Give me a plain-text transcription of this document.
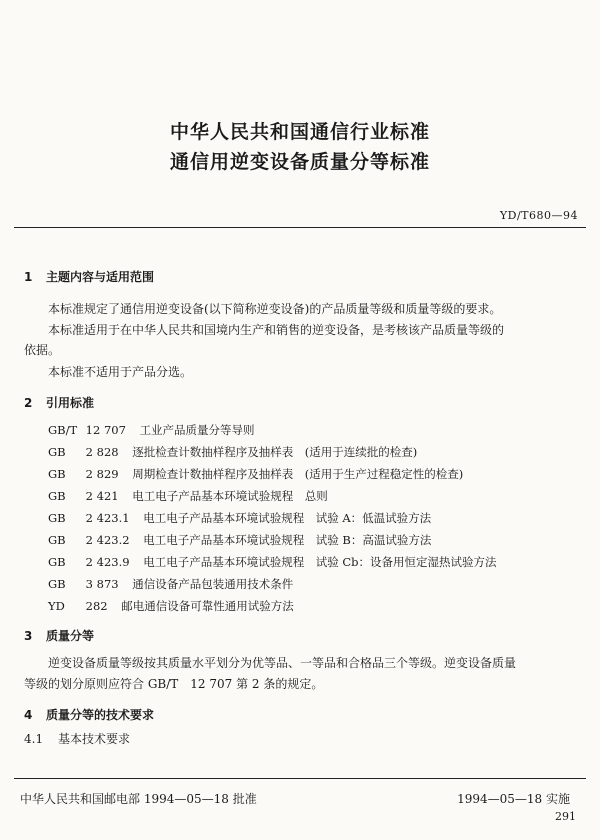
中华人民共和国通信行业标准
通信用逆变设备质量分等标准
YD/T680—94
1 主题内容与适用范围
本标准规定了通信用逆变设备(以下简称逆变设备)的产品质量等级和质量等级的要求。
本标准适用于在中华人民共和国境内生产和销售的逆变设备，是考核该产品质量等级的
依据。
本标准不适用于产品分选。
2 引用标准
GB/T 12 707 工业产品质量分等导则
GB 2 828 逐批检查计数抽样程序及抽样表　(适用于连续批的检查)
GB 2 829 周期检查计数抽样程序及抽样表　(适用于生产过程稳定性的检查)
GB 2 421 电工电子产品基本环境试验规程　总则
GB 2 423.1 电工电子产品基本环境试验规程　试验 A：低温试验方法
GB 2 423.2 电工电子产品基本环境试验规程　试验 B：高温试验方法
GB 2 423.9 电工电子产品基本环境试验规程　试验 Cb：设备用恒定湿热试验方法
GB 3 873 通信设备产品包装通用技术条件
YD 282 邮电通信设备可靠性通用试验方法
3 质量分等
逆变设备质量等级按其质量水平划分为优等品、一等品和合格品三个等级。逆变设备质量
等级的划分原则应符合 GB/T　12 707 第 2 条的规定。
4 质量分等的技术要求
4.1 基本技术要求
中华人民共和国邮电部 1994—05—18 批准	1994—05—18 实施
291
